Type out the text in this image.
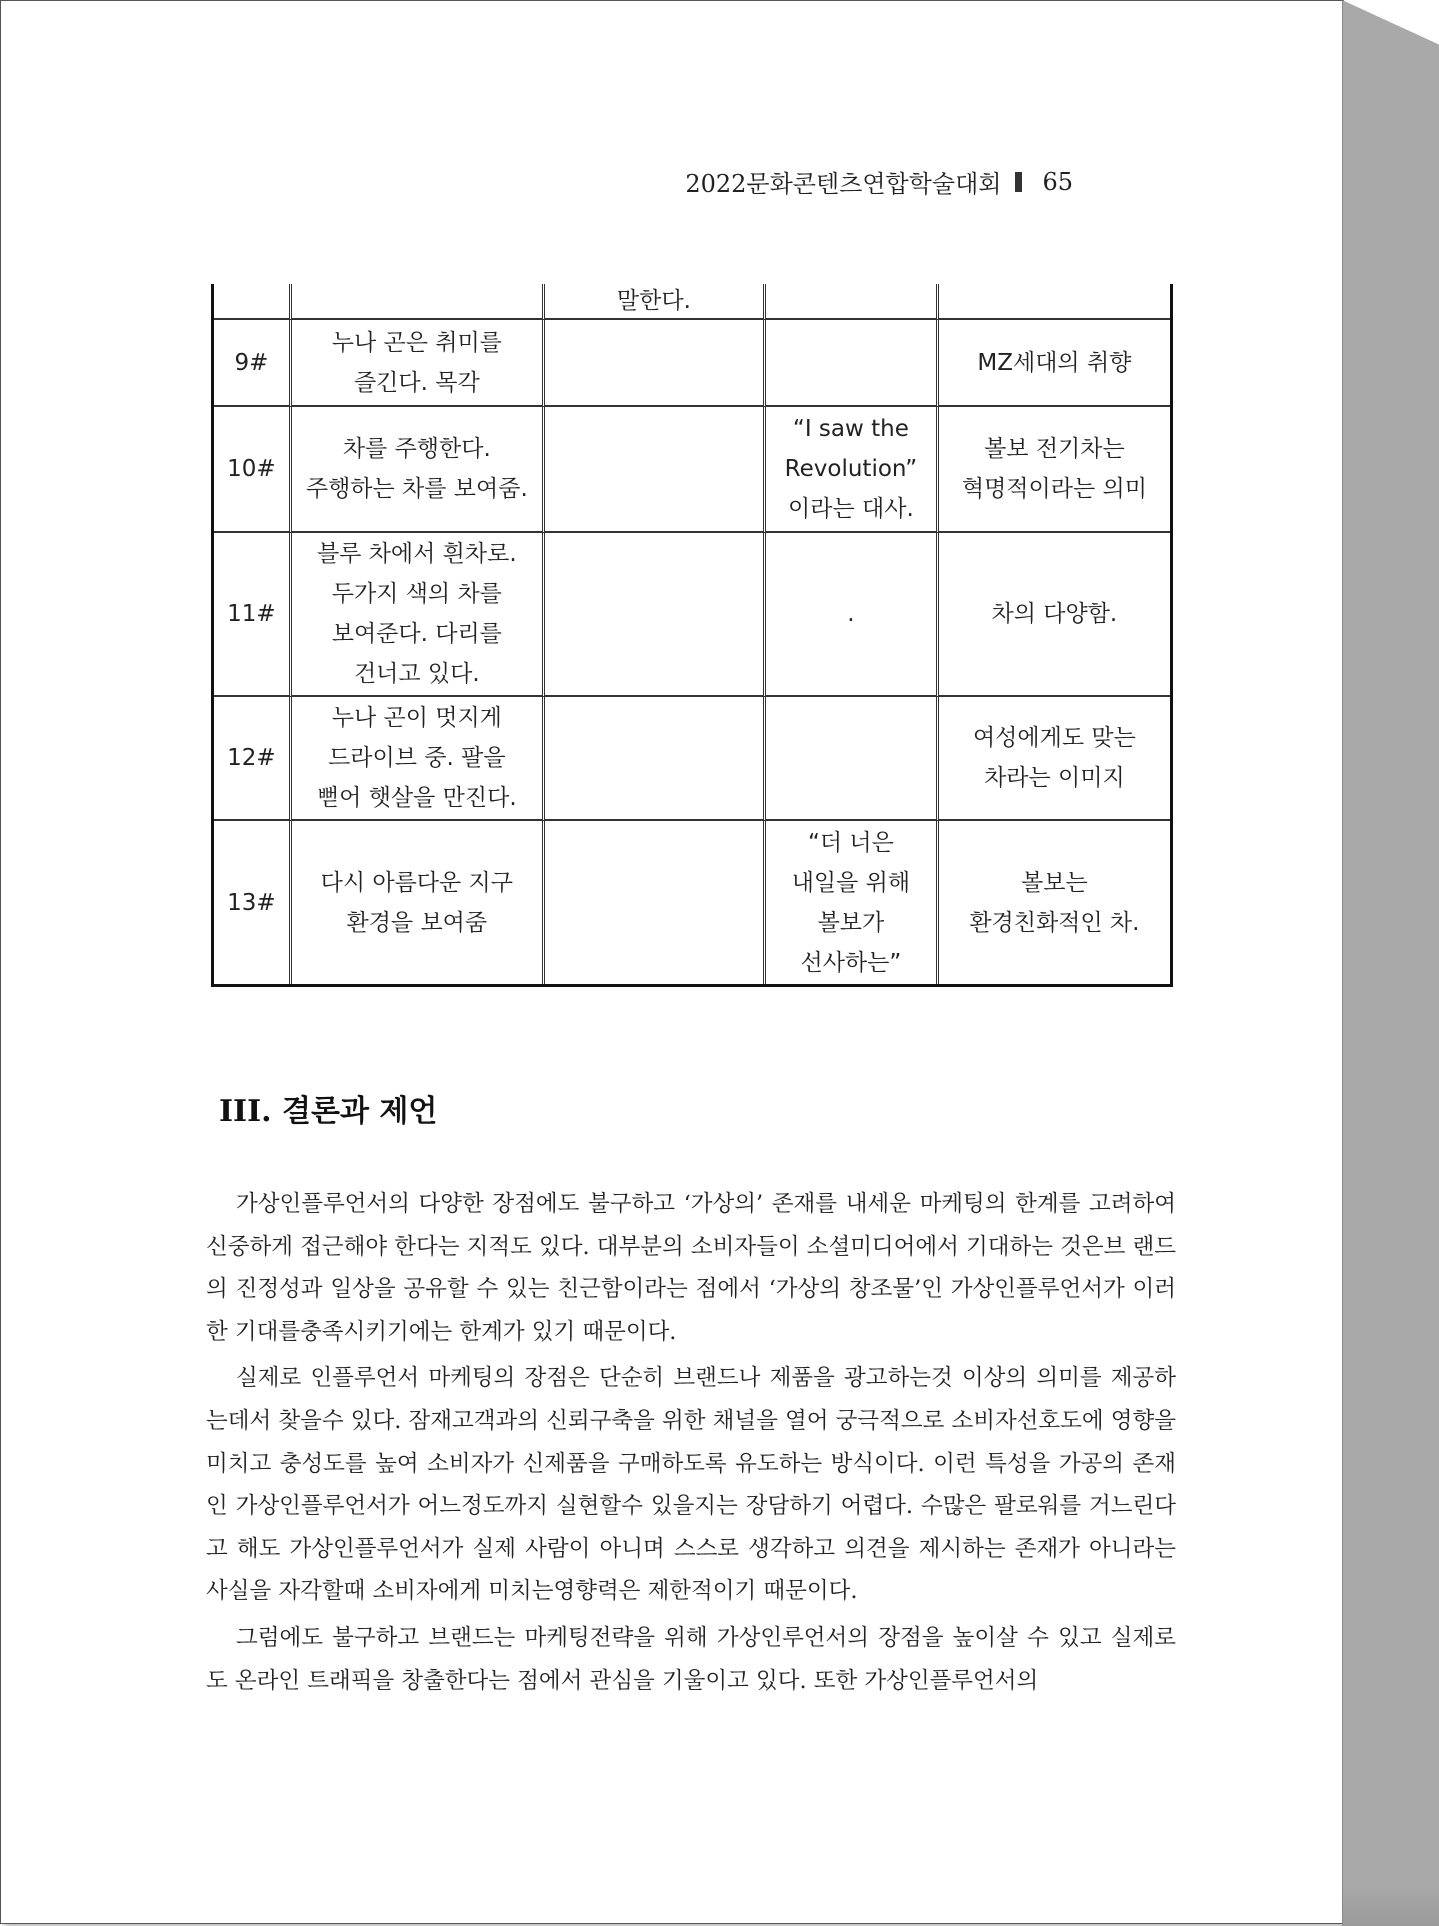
2022문화콘텐츠연합학술대회 65
		말한다.		
9#	누나 곤은 취미를
즐긴다. 목각			MZ세대의 취향
10#	차를 주행한다.
주행하는 차를 보여줌.		“I saw the
Revolution”
이라는 대사.	볼보 전기차는
혁명적이라는 의미
11#	블루 차에서 흰차로.
두가지 색의 차를
보여준다. 다리를
건너고 있다.		.	차의 다양함.
12#	누나 곤이 멋지게
드라이브 중. 팔을
뻗어 햇살을 만진다.			여성에게도 맞는
차라는 이미지
13#	다시 아름다운 지구
환경을 보여줌		“더 너은
내일을 위해
볼보가
선사하는”	볼보는
환경친화적인 차.
III. 결론과 제언

가상인플루언서의 다양한 장점에도 불구하고 ‘가상의’ 존재를 내세운 마케팅의 한계를 고려하여 신중하게 접근해야 한다는 지적도 있다. 대부분의 소비자들이 소셜미디어에서 기대하는 것은브 랜드의 진정성과 일상을 공유할 수 있는 친근함이라는 점에서 ‘가상의 창조물’인 가상인플루언서가 이러한 기대를충족시키기에는 한계가 있기 때문이다.

실제로 인플루언서 마케팅의 장점은 단순히 브랜드나 제품을 광고하는것 이상의 의미를 제공하는데서 찾을수 있다. 잠재고객과의 신뢰구축을 위한 채널을 열어 궁극적으로 소비자선호도에 영향을 미치고 충성도를 높여 소비자가 신제품을 구매하도록 유도하는 방식이다. 이런 특성을 가공의 존재인 가상인플루언서가 어느정도까지 실현할수 있을지는 장담하기 어렵다. 수많은 팔로워를 거느린다고 해도 가상인플루언서가 실제 사람이 아니며 스스로 생각하고 의견을 제시하는 존재가 아니라는 사실을 자각할때 소비자에게 미치는영향력은 제한적이기 때문이다.

그럼에도 불구하고 브랜드는 마케팅전략을 위해 가상인루언서의 장점을 높이살 수 있고 실제로도 온라인 트래픽을 창출한다는 점에서 관심을 기울이고 있다. 또한 가상인플루언서의
